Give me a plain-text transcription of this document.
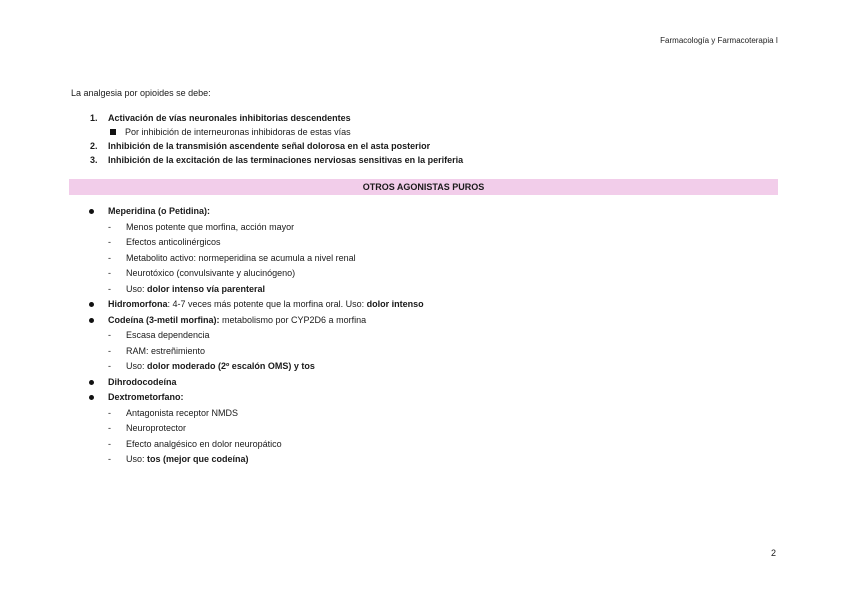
Farmacología y Farmacoterapia I
La analgesia por opioides se debe:
1. Activación de vías neuronales inhibitorias descendentes
Por inhibición de interneuronas inhibidoras de estas vías
2. Inhibición de la transmisión ascendente señal dolorosa en el asta posterior
3. Inhibición de la excitación de las terminaciones nerviosas sensitivas en la periferia
OTROS AGONISTAS PUROS
Meperidina (o Petidina):
- Menos potente que morfina, acción mayor
- Efectos anticolinérgicos
- Metabolito activo: normeperidina se acumula a nivel renal
- Neurotóxico (convulsivante y alucinógeno)
- Uso: dolor intenso vía parenteral
Hidromorfona: 4-7 veces más potente que la morfina oral. Uso: dolor intenso
Codeína (3-metil morfina): metabolismo por CYP2D6 a morfina
- Escasa dependencia
- RAM: estreñimiento
- Uso: dolor moderado (2º escalón OMS) y tos
Dihrodocodeína
Dextrometorfano:
- Antagonista receptor NMDS
- Neuroprotector
- Efecto analgésico en dolor neuropático
- Uso: tos (mejor que codeína)
2
